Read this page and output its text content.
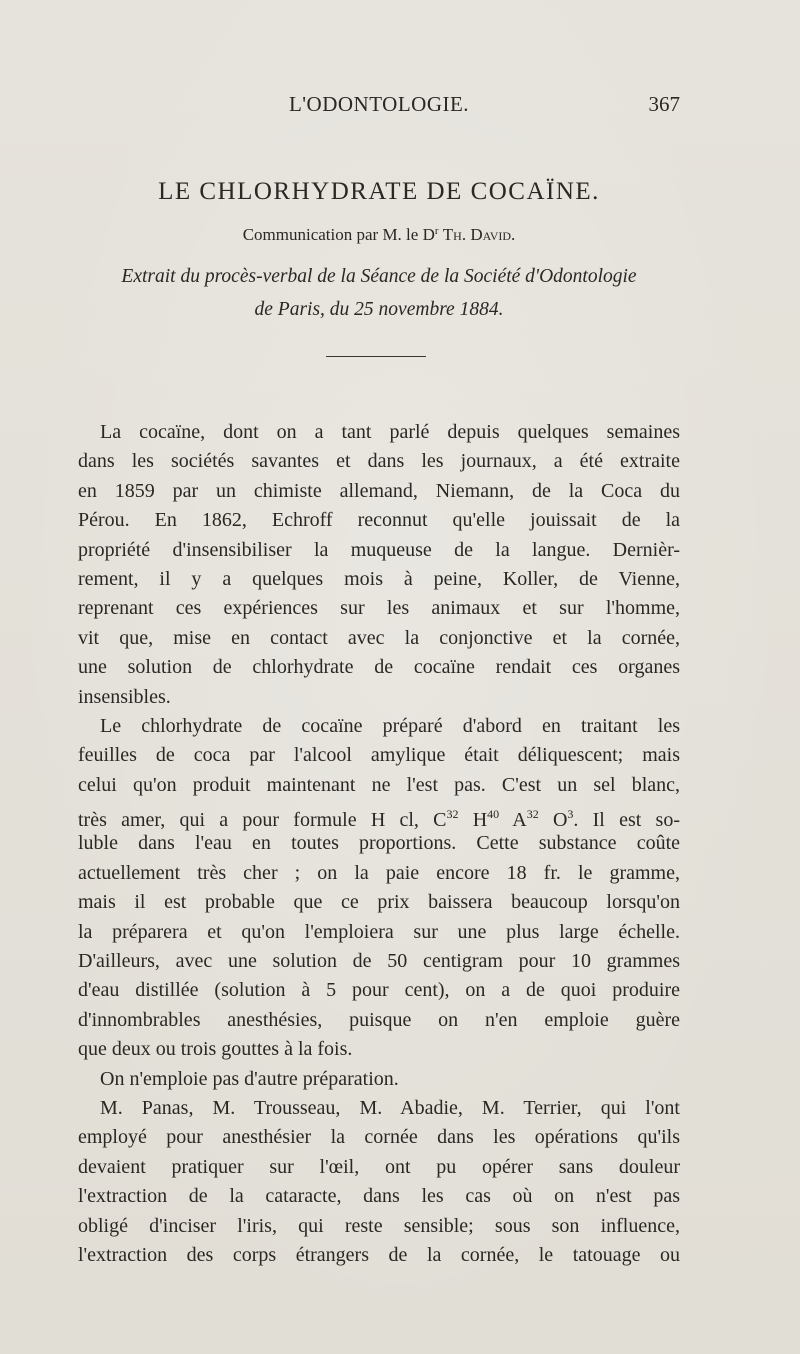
L'ODONTOLOGIE.	367
LE CHLORHYDRATE DE COCAÏNE.
Communication par M. le $D^r$ Th. David.
Extrait du procès-verbal de la Séance de la Société d'Odontologie
de Paris, du 25 novembre 1884.
La cocaïne, dont on a tant parlé depuis quelques semaines
dans les sociétés savantes et dans les journaux, a été extraite
en 1859 par un chimiste allemand, Niemann, de la Coca du
Pérou. En 1862, Echroff reconnut qu'elle jouissait de la
propriété d'insensibiliser la muqueuse de la langue. Dernièr-
rement, il y a quelques mois à peine, Koller, de Vienne,
reprenant ces expériences sur les animaux et sur l'homme,
vit que, mise en contact avec la conjonctive et la cornée,
une solution de chlorhydrate de cocaïne rendait ces organes
insensibles.
Le chlorhydrate de cocaïne préparé d'abord en traitant les
feuilles de coca par l'alcool amylique était déliquescent; mais
celui qu'on produit maintenant ne l'est pas. C'est un sel blanc,
très amer, qui a pour formule H cl, $C^{32}$ $H^{40}$ $A^{32}$ $O^3$. Il est so-
luble dans l'eau en toutes proportions. Cette substance coûte
actuellement très cher ; on la paie encore 18 fr. le gramme,
mais il est probable que ce prix baissera beaucoup lorsqu'on
la préparera et qu'on l'emploiera sur une plus large échelle.
D'ailleurs, avec une solution de 50 centigram pour 10 grammes
d'eau distillée (solution à 5 pour cent), on a de quoi produire
d'innombrables anesthésies, puisque on n'en emploie guère
que deux ou trois gouttes à la fois.
On n'emploie pas d'autre préparation.
M. Panas, M. Trousseau, M. Abadie, M. Terrier, qui l'ont
employé pour anesthésier la cornée dans les opérations qu'ils
devaient pratiquer sur l'œil, ont pu opérer sans douleur
l'extraction de la cataracte, dans les cas où on n'est pas
obligé d'inciser l'iris, qui reste sensible; sous son influence,
l'extraction des corps étrangers de la cornée, le tatouage ou
